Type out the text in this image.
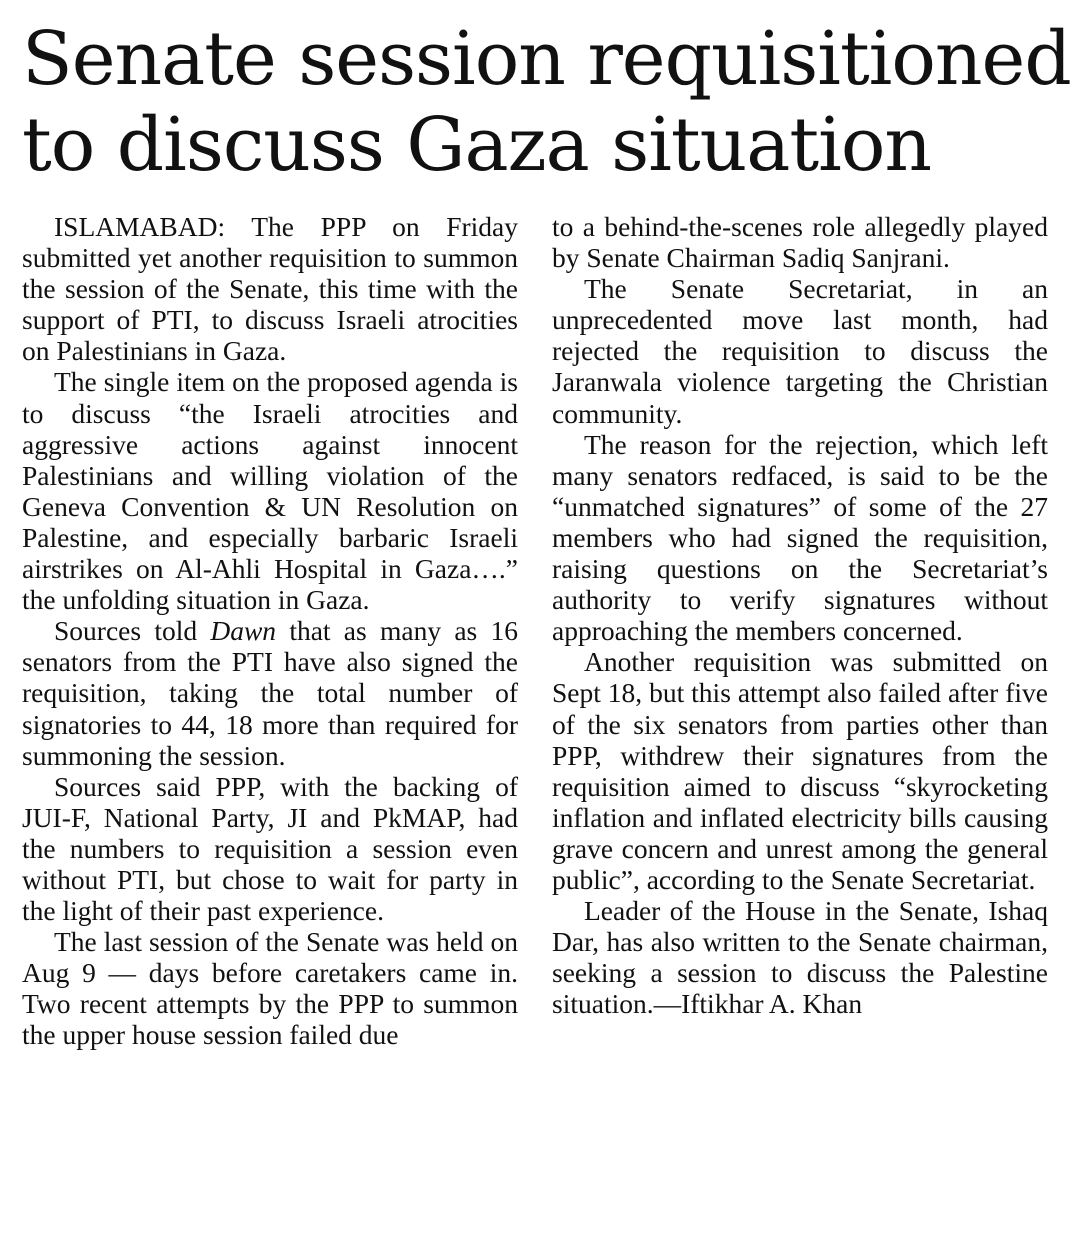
Senate session requisitioned
to discuss Gaza situation

ISLAMABAD: The PPP on Friday submitted yet another requisition to summon the session of the Senate, this time with the support of PTI, to discuss Israeli atrocities on Palestinians in Gaza.

The single item on the proposed agenda is to discuss “the Israeli atrocities and aggressive actions against innocent Palestinians and willing violation of the Geneva Convention & UN Resolution on Palestine, and especially barbaric Israeli airstrikes on Al-Ahli Hospital in Gaza….” the unfolding situation in Gaza.

Sources told Dawn that as many as 16 senators from the PTI have also signed the requisition, taking the total number of signatories to 44, 18 more than required for summoning the session.

Sources said PPP, with the backing of JUI-F, National Party, JI and PkMAP, had the numbers to requisition a session even without PTI, but chose to wait for party in the light of their past experience.

The last session of the Senate was held on Aug 9 — days before caretakers came in. Two recent attempts by the PPP to summon the upper house session failed due

to a behind-the-scenes role allegedly played by Senate Chairman Sadiq Sanjrani.

The Senate Secretariat, in an unprecedented move last month, had rejected the requisition to discuss the Jaranwala violence targeting the Christian community.

The reason for the rejection, which left many senators redfaced, is said to be the “unmatched signatures” of some of the 27 members who had signed the requisition, raising questions on the Secretariat’s authority to verify signatures without approaching the members concerned.

Another requisition was submitted on Sept 18, but this attempt also failed after five of the six senators from parties other than PPP, withdrew their signatures from the requisition aimed to discuss “skyrocketing inflation and inflated electricity bills causing grave concern and unrest among the general public”, according to the Senate Secretariat.

Leader of the House in the Senate, Ishaq Dar, has also written to the Senate chairman, seeking a session to discuss the Palestine situation.—Iftikhar A. Khan
